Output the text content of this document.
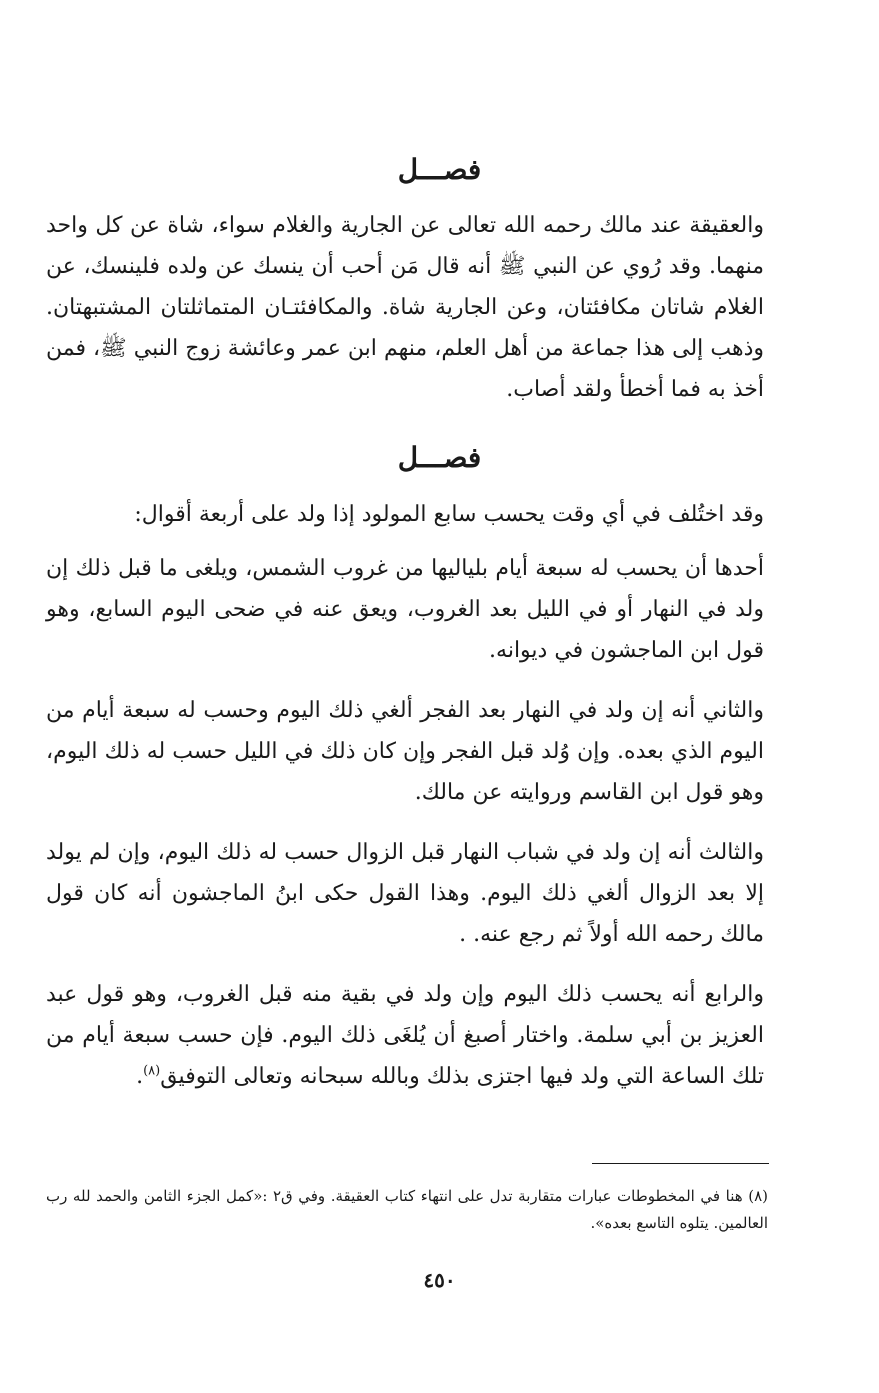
فصـــل

والعقيقة عند مالك رحمه الله تعالى عن الجارية والغلام سواء، شاة عن كل واحد منهما. وقد رُوي عن النبي ﷺ أنه قال مَن أحب أن ينسك عن ولده فلينسك، عن الغلام شاتان مكافئتان، وعن الجارية شاة. والمكافئتـان المتماثلتان المشتبهتان. وذهب إلى هذا جماعة من أهل العلم، منهم ابن عمر وعائشة زوج النبي ﷺ، فمن أخذ به فما أخطأ ولقد أصاب.

فصـــل

وقد اختُلف في أي وقت يحسب سابع المولود إذا ولد على أربعة أقوال:

أحدها أن يحسب له سبعة أيام بلياليها من غروب الشمس، ويلغى ما قبل ذلك إن ولد في النهار أو في الليل بعد الغروب، ويعق عنه في ضحى اليوم السابع، وهو قول ابن الماجشون في ديوانه.

والثاني أنه إن ولد في النهار بعد الفجر ألغي ذلك اليوم وحسب له سبعة أيام من اليوم الذي بعده. وإن وُلد قبل الفجر وإن كان ذلك في الليل حسب له ذلك اليوم، وهو قول ابن القاسم وروايته عن مالك.

والثالث أنه إن ولد في شباب النهار قبل الزوال حسب له ذلك اليوم، وإن لم يولد إلا بعد الزوال ألغي ذلك اليوم. وهذا القول حكى ابنُ الماجشون أنه كان قول مالك رحمه الله أولاً ثم رجع عنه. .

والرابع أنه يحسب ذلك اليوم وإن ولد في بقية منه قبل الغروب، وهو قول عبد العزيز بن أبي سلمة. واختار أصبغ أن يُلغَى ذلك اليوم. فإن حسب سبعة أيام من تلك الساعة التي ولد فيها اجتزى بذلك وبالله سبحانه وتعالى التوفيق$^{(٨)}$.

(٨) هنا في المخطوطات عبارات متقاربة تدل على انتهاء كتاب العقيقة. وفي ق٢ :«كمل الجزء الثامن والحمد لله رب العالمين. يتلوه التاسع بعده».
٤٥٠
